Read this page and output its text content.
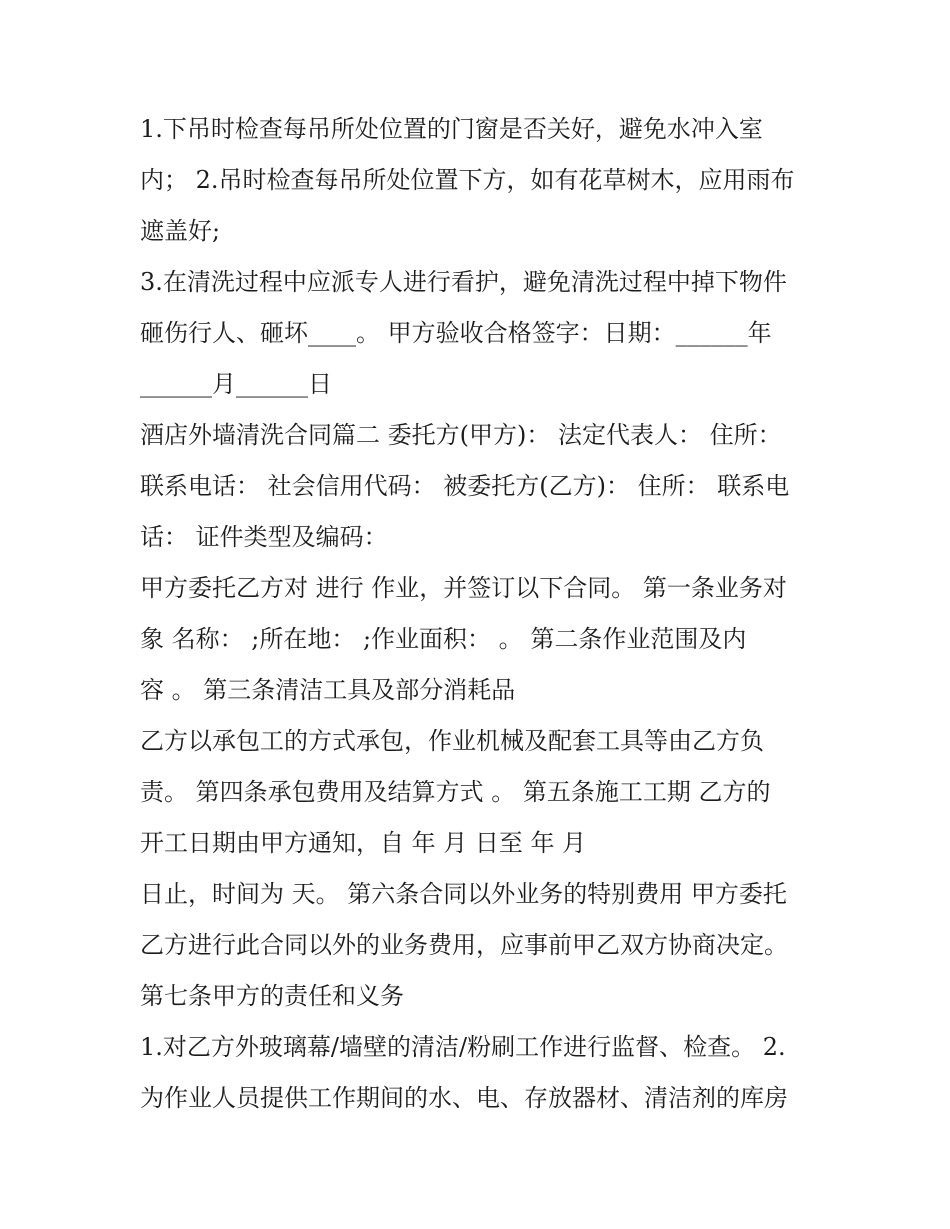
1.下吊时检查每吊所处位置的门窗是否关好，避免水冲入室
内； 2.吊时检查每吊所处位置下方，如有花草树木，应用雨布
遮盖好;
3.在清洗过程中应派专人进行看护，避免清洗过程中掉下物件
砸伤行人、砸坏____。 甲方验收合格签字：日期：______年
______月______日
酒店外墙清洗合同篇二 委托方(甲方)： 法定代表人： 住所：
联系电话： 社会信用代码： 被委托方(乙方)： 住所： 联系电
话： 证件类型及编码：
甲方委托乙方对 进行 作业，并签订以下合同。 第一条业务对
象 名称： ;所在地： ;作业面积： 。 第二条作业范围及内
容 。 第三条清洁工具及部分消耗品
乙方以承包工的方式承包，作业机械及配套工具等由乙方负
责。 第四条承包费用及结算方式 。 第五条施工工期 乙方的
开工日期由甲方通知，自 年 月 日至 年 月
日止，时间为 天。 第六条合同以外业务的特别费用 甲方委托
乙方进行此合同以外的业务费用，应事前甲乙双方协商决定。
第七条甲方的责任和义务
1.对乙方外玻璃幕/墙壁的清洁/粉刷工作进行监督、检查。 2.
为作业人员提供工作期间的水、电、存放器材、清洁剂的库房
